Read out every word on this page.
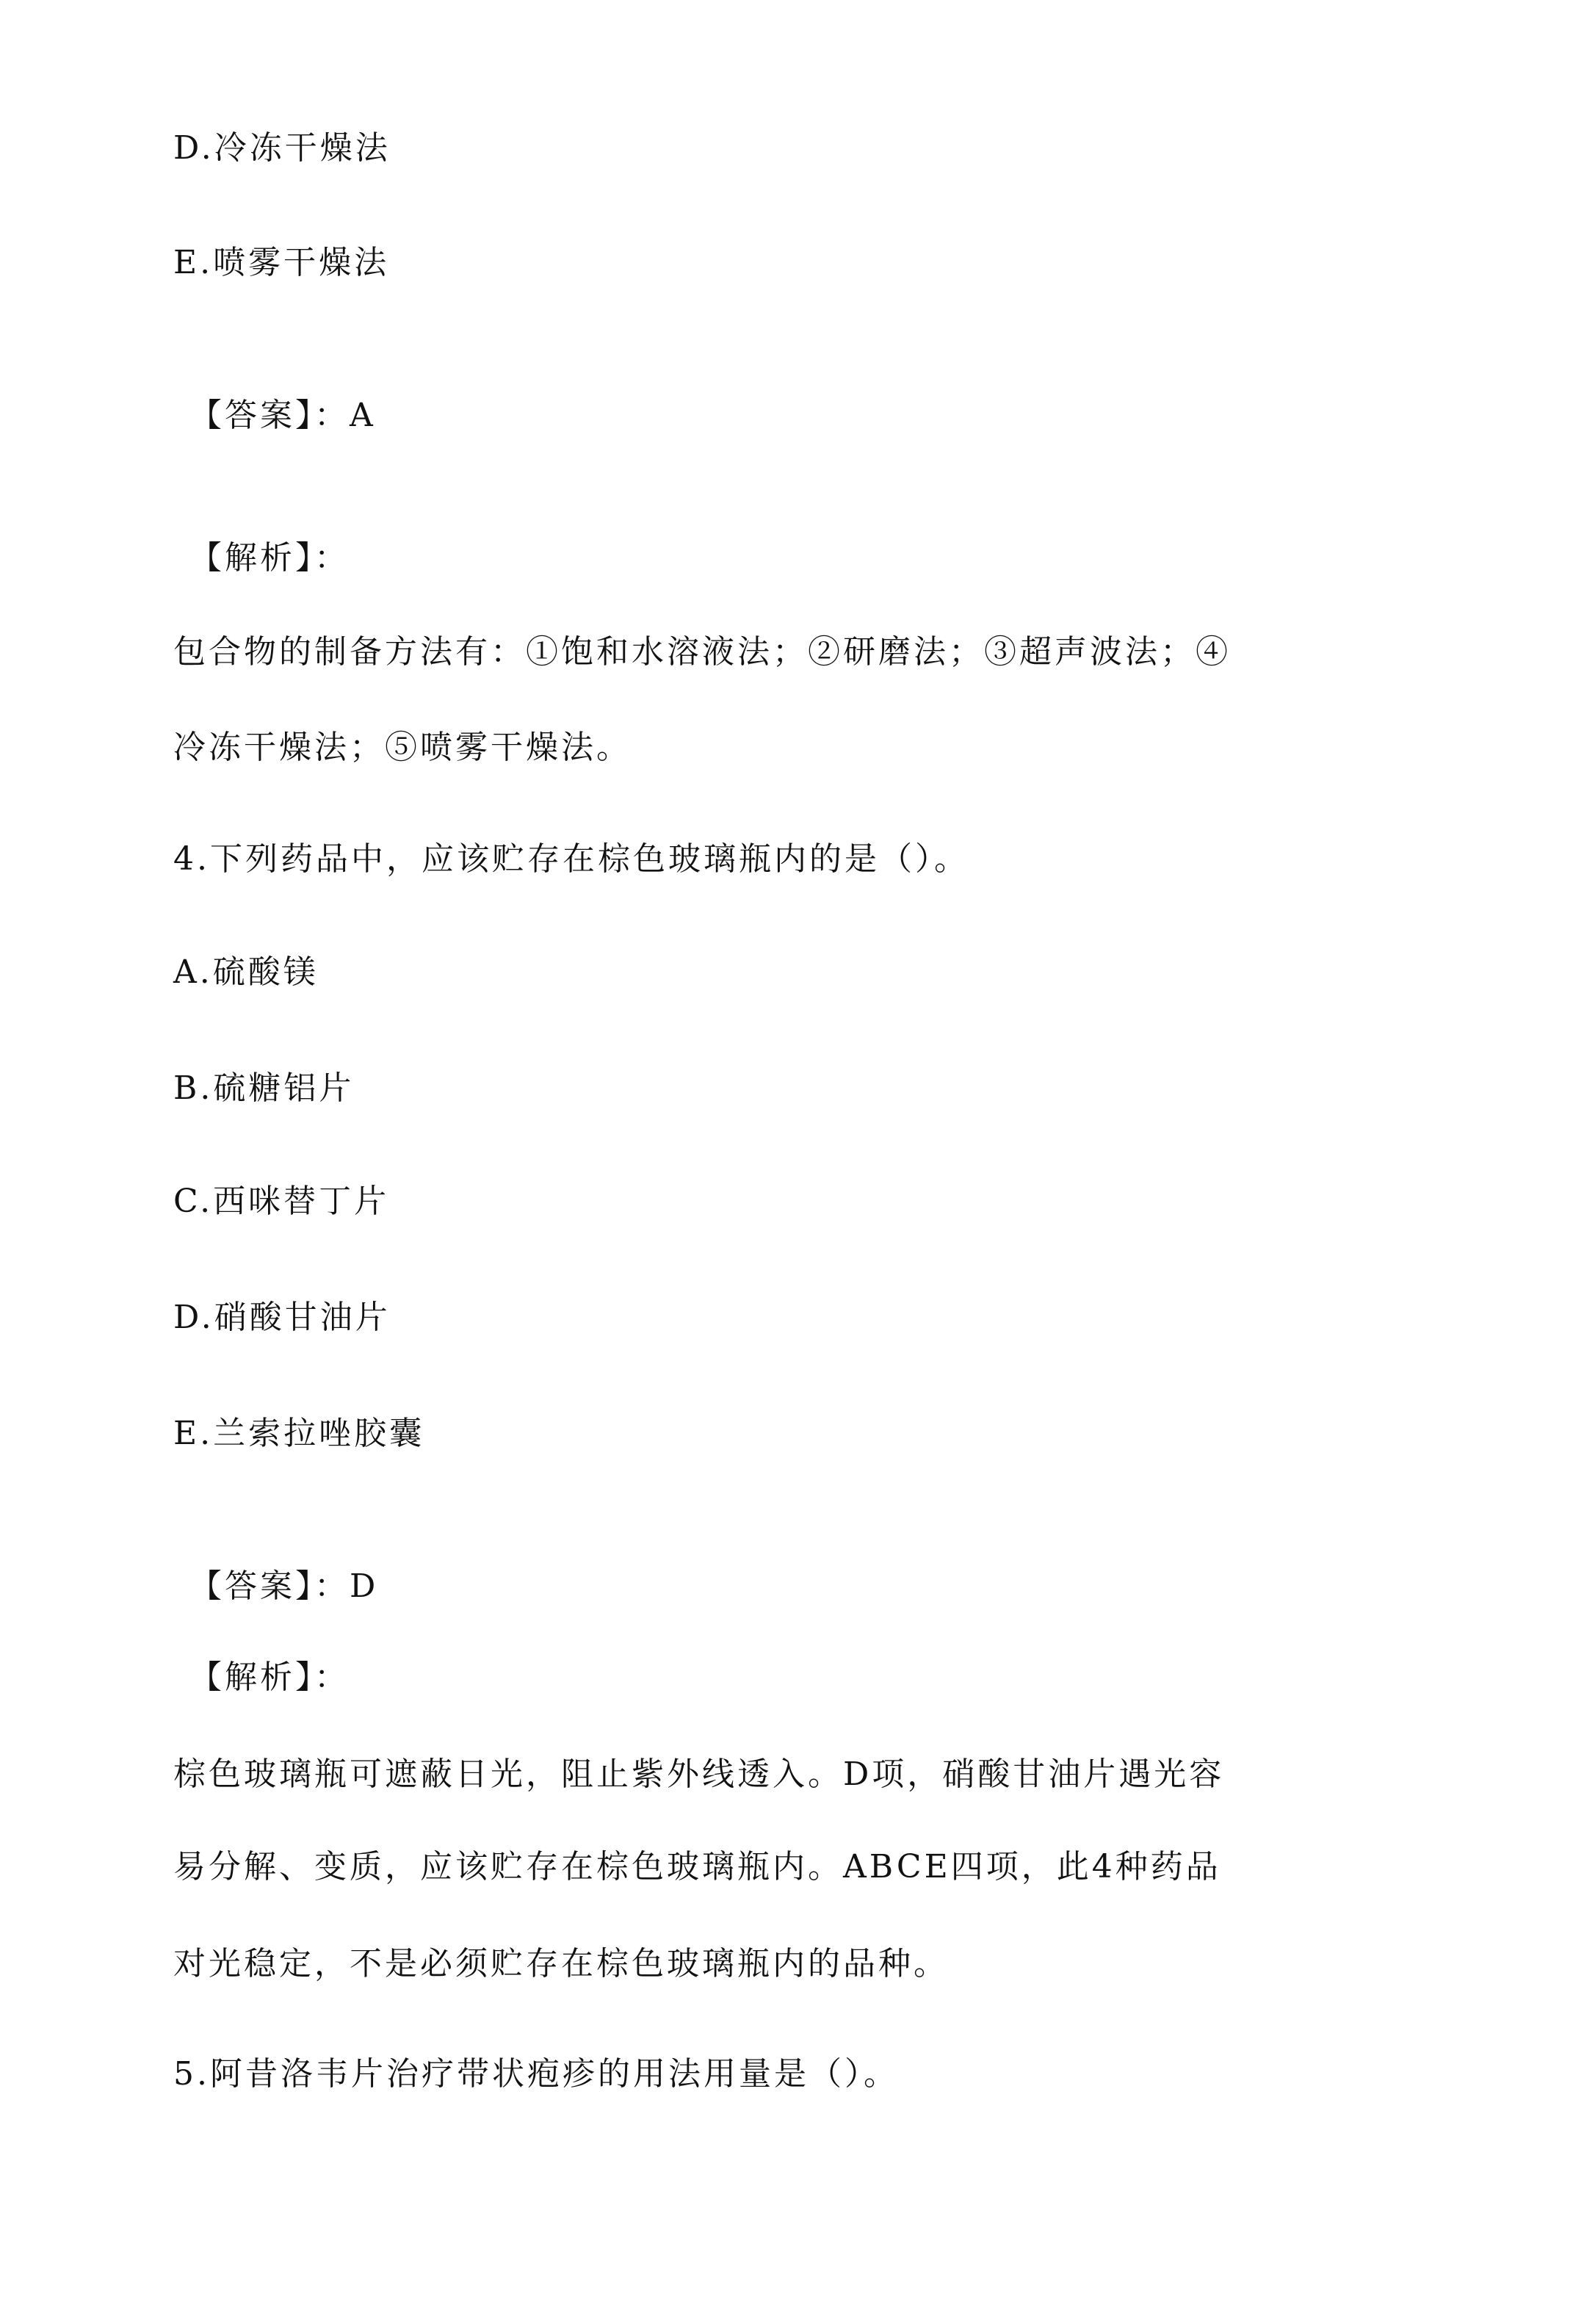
D.冷冻干燥法
E.喷雾干燥法
【答案】：A
【解析】：
包合物的制备方法有：①饱和水溶液法；②研磨法；③超声波法；④
冷冻干燥法；⑤喷雾干燥法。
4.下列药品中，应该贮存在棕色玻璃瓶内的是（）。
A.硫酸镁
B.硫糖铝片
C.西咪替丁片
D.硝酸甘油片
E.兰索拉唑胶囊
【答案】：D
【解析】：
棕色玻璃瓶可遮蔽日光，阻止紫外线透入。D项，硝酸甘油片遇光容
易分解、变质，应该贮存在棕色玻璃瓶内。ABCE四项，此4种药品
对光稳定，不是必须贮存在棕色玻璃瓶内的品种。
5.阿昔洛韦片治疗带状疱疹的用法用量是（）。
